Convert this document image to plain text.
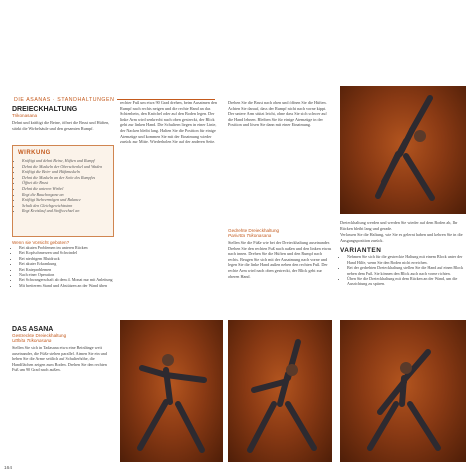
DIE ASANAS · STANDHALTUNGEN
DREIECKHALTUNG
Trikonasana
Dehnt und kräftigt die Beine, öffnet die Brust und Hüften, stärkt die Wirbelsäule und den gesamten Rumpf.
WIRKUNG
• Kräftigt und dehnt Beine, Hüften und Rumpf
• Dehnt die Muskeln der Oberschenkel und Waden
• Kräftigt die Bein- und Hüftmuskeln
• Dehnt die Muskeln an der Seite des Rumpfes
• Öffnet die Brust
• Dehnt die unteren Wirbel
• Regt die Bauchorgane an
• Kräftigt Stehvermögen und Balance
• Schult den Gleichgewichtssinn
• Regt Kreislauf und Stoffwechsel an
Wenn sie Vorsicht geboten?
• Bei akuten Problemen im unteren Rücken
• Bei Kopfschmerzen und Schwindel
• Bei niedrigem Blutdruck
• Bei akuter Erkrankung
• Bei Knieproblemen
• Nach einer Operation
• Bei Schwangerschaft ab dem 4. Monat nur mit Anleitung
• Mit breiterem Stand und Abstützen an der Wand üben
DAS ASANA
Gestreckte Dreieckhaltung
Utthita Trikonasana
Stellen Sie sich in Tadasana etwa eine Beinlänge weit auseinander, die Füße stehen parallel. Atmen Sie ein und heben Sie die Arme seitlich auf Schulterhöhe, die Handflächen zeigen zum Boden. Drehen Sie den rechten Fuß um 90 Grad nach außen.
164
rechter Fuß um etwa 90 Grad drehen, beim Ausatmen den Rumpf nach rechts neigen und die rechte Hand an das Schienbein, den Knöchel oder auf den Boden legen. Der linke Arm wird senkrecht nach oben gestreckt, der Blick geht zur linken Hand. Die Schultern liegen in einer Linie, der Nacken bleibt lang. Halten Sie die Position für einige Atemzüge und kommen Sie mit der Einatmung wieder zurück zur Mitte. Wiederholen Sie auf der anderen Seite.
Drehen Sie die Brust nach oben und öffnen Sie die Hüften. Achten Sie darauf, dass der Rumpf nicht nach vorne kippt. Der untere Arm stützt leicht, ohne dass Sie sich schwer auf die Hand lehnen. Bleiben Sie für einige Atemzüge in der Position und lösen Sie dann mit einer Einatmung.
Gedrehte Dreieckhaltung
Parivrtta Trikonasana
Stellen Sie die Füße wie bei der Dreieckhaltung auseinander. Drehen Sie den rechten Fuß nach außen und den linken etwas nach innen. Drehen Sie die Hüften und den Rumpf nach rechts. Beugen Sie sich mit der Ausatmung nach vorne und legen Sie die linke Hand außen neben den rechten Fuß. Der rechte Arm wird nach oben gestreckt, der Blick geht zur oberen Hand.
Dreieckhaltung werden und werden Sie wieder auf dem Boden ab, Ihr Rücken bleibt lang und gerade.
Verlassen Sie die Haltung, wie Sie es gelernt haben und kehren Sie in die Ausgangsposition zurück.
VARIANTEN
• Nehmen Sie sich für die gestreckte Haltung mit einem Block unter der Hand Hilfe, wenn Sie den Boden nicht erreichen.
• Bei der gedrehten Dreieckhaltung stellen Sie die Hand auf einen Block neben dem Fuß. Sie können den Blick auch nach vorne richten.
• Üben Sie die Dreieckhaltung mit dem Rücken an der Wand, um die Ausrichtung zu spüren.
